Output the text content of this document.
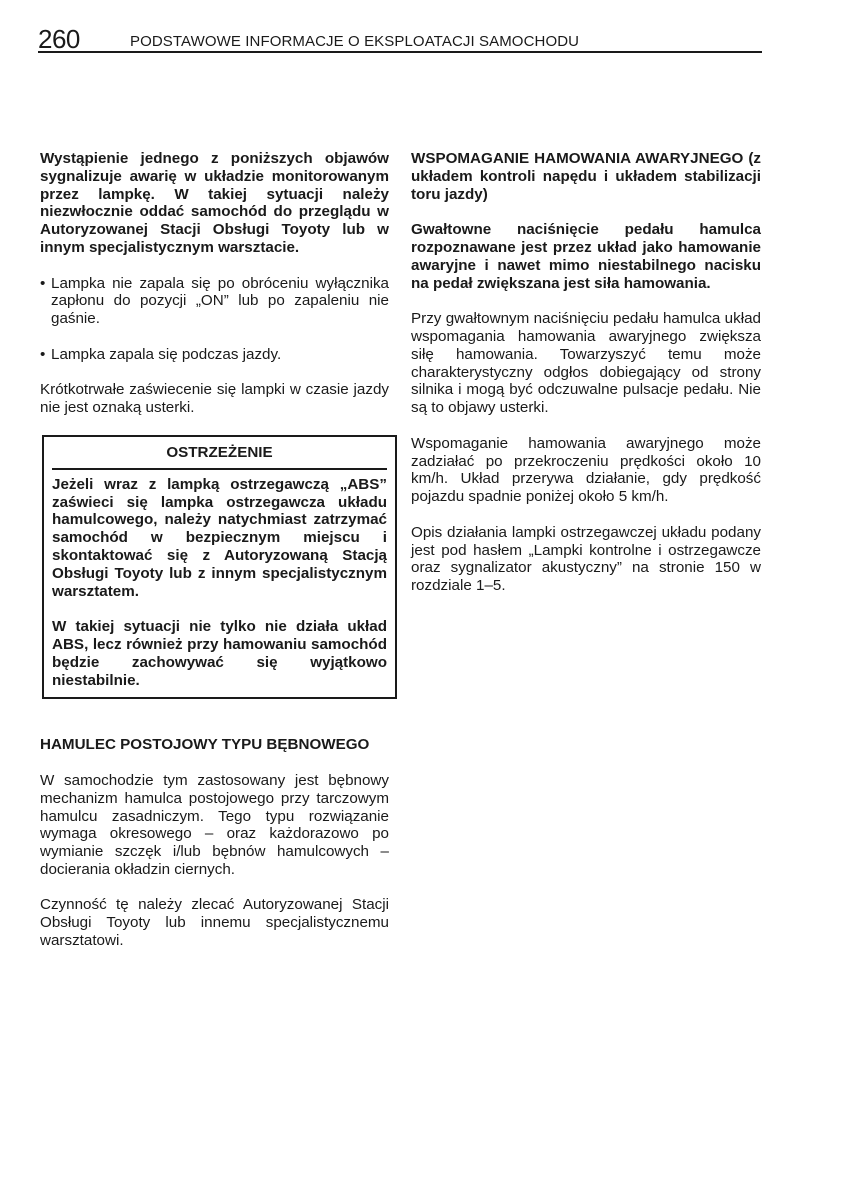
260	PODSTAWOWE INFORMACJE O EKSPLOATACJI SAMOCHODU

Wystąpienie jednego z poniższych objawów sygnalizuje awarię w układzie monitorowanym przez lampkę. W takiej sytuacji należy niezwłocznie oddać samochód do przeglądu w Autoryzowanej Stacji Obsługi Toyoty lub w innym specjalistycznym warsztacie.

• Lampka nie zapala się po obróceniu wyłącznika zapłonu do pozycji „ON” lub po zapaleniu nie gaśnie.

• Lampka zapala się podczas jazdy.

Krótkotrwałe zaświecenie się lampki w czasie jazdy nie jest oznaką usterki.

OSTRZEŻENIE

Jeżeli wraz z lampką ostrzegawczą „ABS” zaświeci się lampka ostrzegawcza układu hamulcowego, należy natychmiast zatrzymać samochód w bezpiecznym miejscu i skontaktować się z Autoryzowaną Stacją Obsługi Toyoty lub z innym specjalistycznym warsztatem.

W takiej sytuacji nie tylko nie działa układ ABS, lecz również przy hamowaniu samochód będzie zachowywać się wyjątkowo niestabilnie.

HAMULEC POSTOJOWY TYPU BĘBNOWEGO

W samochodzie tym zastosowany jest bębnowy mechanizm hamulca postojowego przy tarczowym hamulcu zasadniczym. Tego typu rozwiązanie wymaga okresowego – oraz każdorazowo po wymianie szczęk i/lub bębnów hamulcowych – docierania okładzin ciernych.

Czynność tę należy zlecać Autoryzowanej Stacji Obsługi Toyoty lub innemu specjalistycznemu warsztatowi.

WSPOMAGANIE HAMOWANIA AWARYJNEGO (z układem kontroli napędu i układem stabilizacji toru jazdy)

Gwałtowne naciśnięcie pedału hamulca rozpoznawane jest przez układ jako hamowanie awaryjne i nawet mimo niestabilnego nacisku na pedał zwiększana jest siła hamowania.

Przy gwałtownym naciśnięciu pedału hamulca układ wspomagania hamowania awaryjnego zwiększa siłę hamowania. Towarzyszyć temu może charakterystyczny odgłos dobiegający od strony silnika i mogą być odczuwalne pulsacje pedału. Nie są to objawy usterki.

Wspomaganie hamowania awaryjnego może zadziałać po przekroczeniu prędkości około 10 km/h. Układ przerywa działanie, gdy prędkość pojazdu spadnie poniżej około 5 km/h.

Opis działania lampki ostrzegawczej układu podany jest pod hasłem „Lampki kontrolne i ostrzegawcze oraz sygnalizator akustyczny” na stronie 150 w rozdziale 1–5.
